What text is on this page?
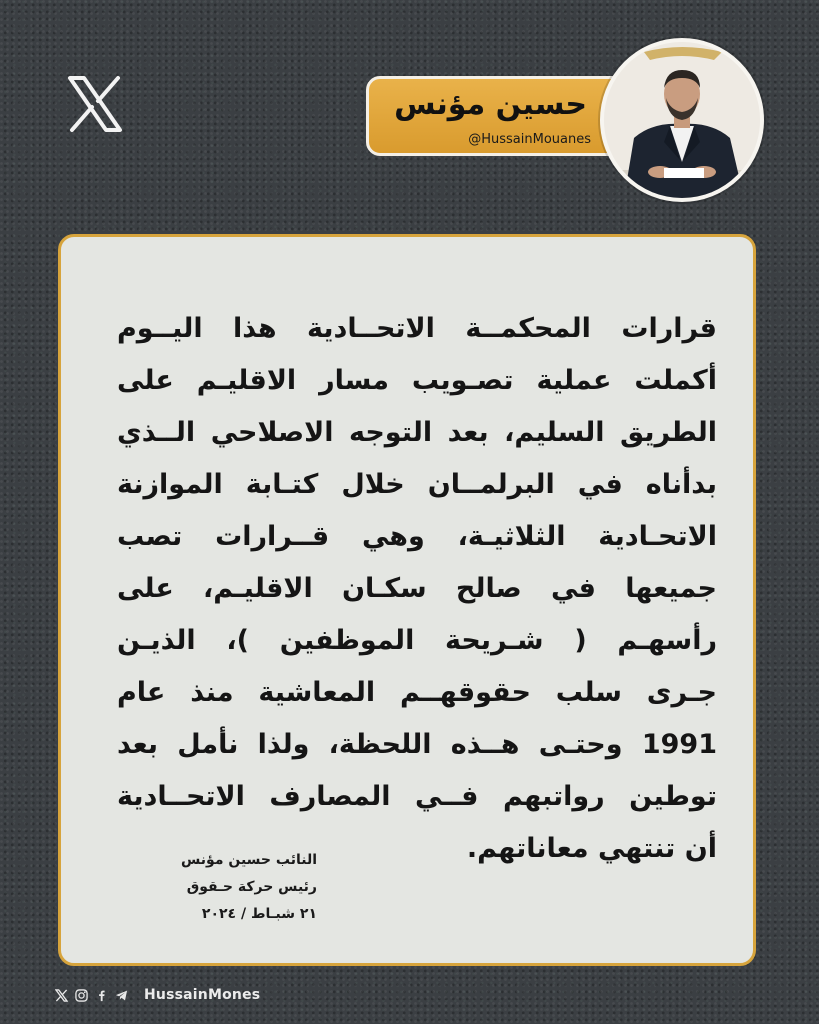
حسين مؤنس
@HussainMouanes
قرارات المحكمــة الاتحــادية هذا اليــوم
أكملت عملية تصـويب مسار الاقليـم على
الطريق السليم، بعد التوجه الاصلاحي الــذي
بدأناه في البرلمــان خلال كتـابة الموازنة
الاتحـادية الثلاثيـة، وهي قــرارات تصب
جميعها في صالح سكـان الاقليـم، على
رأسهـم ( شـريحة الموظفين )، الذيـن
جـرى سلب حقوقهــم المعاشية منذ عام
1991 وحتـى هــذه اللحظة، ولذا نأمل بعد
توطين رواتبهم فــي المصارف الاتحــادية
أن تنتهي معاناتهم.
النائب حسين مؤنس
رئيس حركة حـقوق
٢١ شبـاط / ٢٠٢٤
HussainMones
